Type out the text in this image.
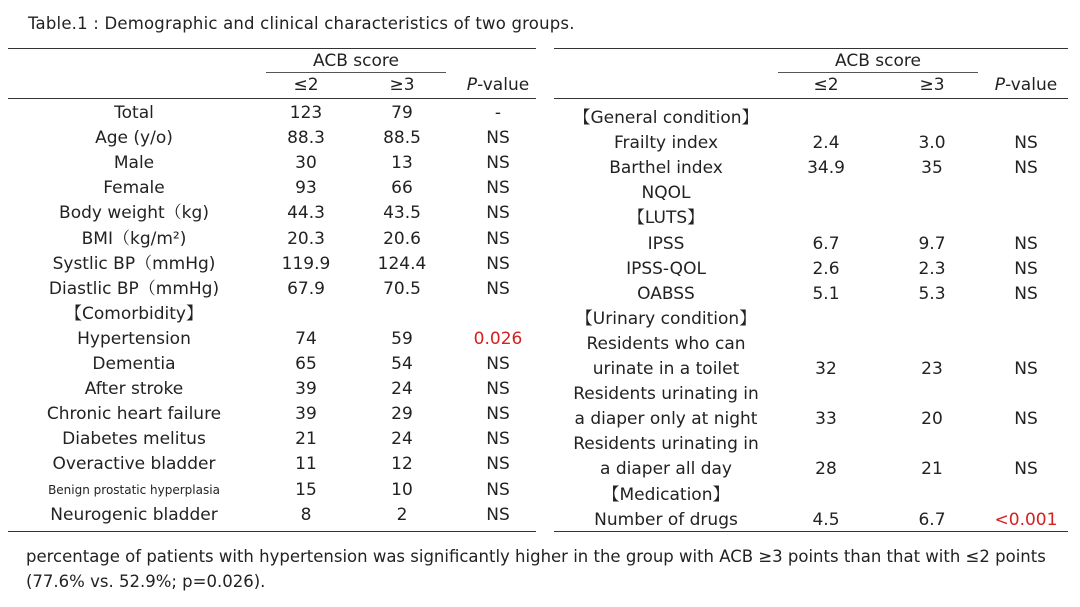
Table.1 : Demographic and clinical characteristics of two groups.
ACB score
≤2	≥3	P-value
Total	123	79	-
Age (y/o)	88.3	88.5	NS
Male	30	13	NS
Female	93	66	NS
Body weight（kg)	44.3	43.5	NS
BMI（kg/m²)	20.3	20.6	NS
Systlic BP（mmHg)	119.9	124.4	NS
Diastlic BP（mmHg)	67.9	70.5	NS
【Comorbidity】
Hypertension	74	59	0.026
Dementia	65	54	NS
After stroke	39	24	NS
Chronic heart failure	39	29	NS
Diabetes melitus	21	24	NS
Overactive bladder	11	12	NS
Benign prostatic hyperplasia	15	10	NS
Neurogenic bladder	8	2	NS
ACB score
≤2	≥3	P-value
【General condition】
Frailty index	2.4	3.0	NS
Barthel index	34.9	35	NS
NQOL
【LUTS】
IPSS	6.7	9.7	NS
IPSS-QOL	2.6	2.3	NS
OABSS	5.1	5.3	NS
【Urinary condition】
Residents who can
urinate in a toilet	32	23	NS
Residents urinating in
a diaper only at night	33	20	NS
Residents urinating in
a diaper all day	28	21	NS
【Medication】
Number of drugs	4.5	6.7	<0.001
percentage of patients with hypertension was significantly higher in the group with ACB ≥3 points than that with ≤2 points (77.6% vs. 52.9%; p=0.026).
